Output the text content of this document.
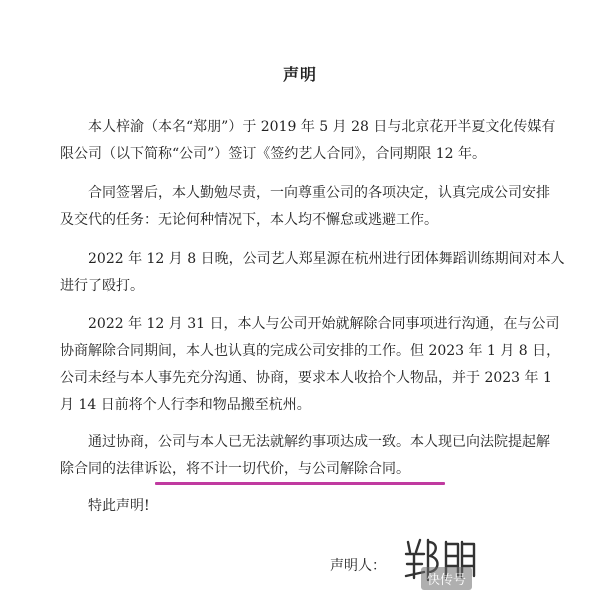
声明

本人梓渝（本名“郑朋”）于 2019 年 5 月 28 日与北京花开半夏文化传媒有
限公司（以下简称“公司”）签订《签约艺人合同》，合同期限 12 年。

合同签署后，本人勤勉尽责，一向尊重公司的各项决定，认真完成公司安排
及交代的任务：无论何种情况下，本人均不懈怠或逃避工作。

2022 年 12 月 8 日晚，公司艺人郑星源在杭州进行团体舞蹈训练期间对本人
进行了殴打。

2022 年 12 月 31 日，本人与公司开始就解除合同事项进行沟通，在与公司
协商解除合同期间，本人也认真的完成公司安排的工作。但 2023 年 1 月 8 日，
公司未经与本人事先充分沟通、协商，要求本人收拾个人物品，并于 2023 年 1
月 14 日前将个人行李和物品搬至杭州。

通过协商，公司与本人已无法就解约事项达成一致。本人现已向法院提起解
除合同的法律诉讼，将不计一切代价，与公司解除合同。

特此声明!

声明人：
快传号
